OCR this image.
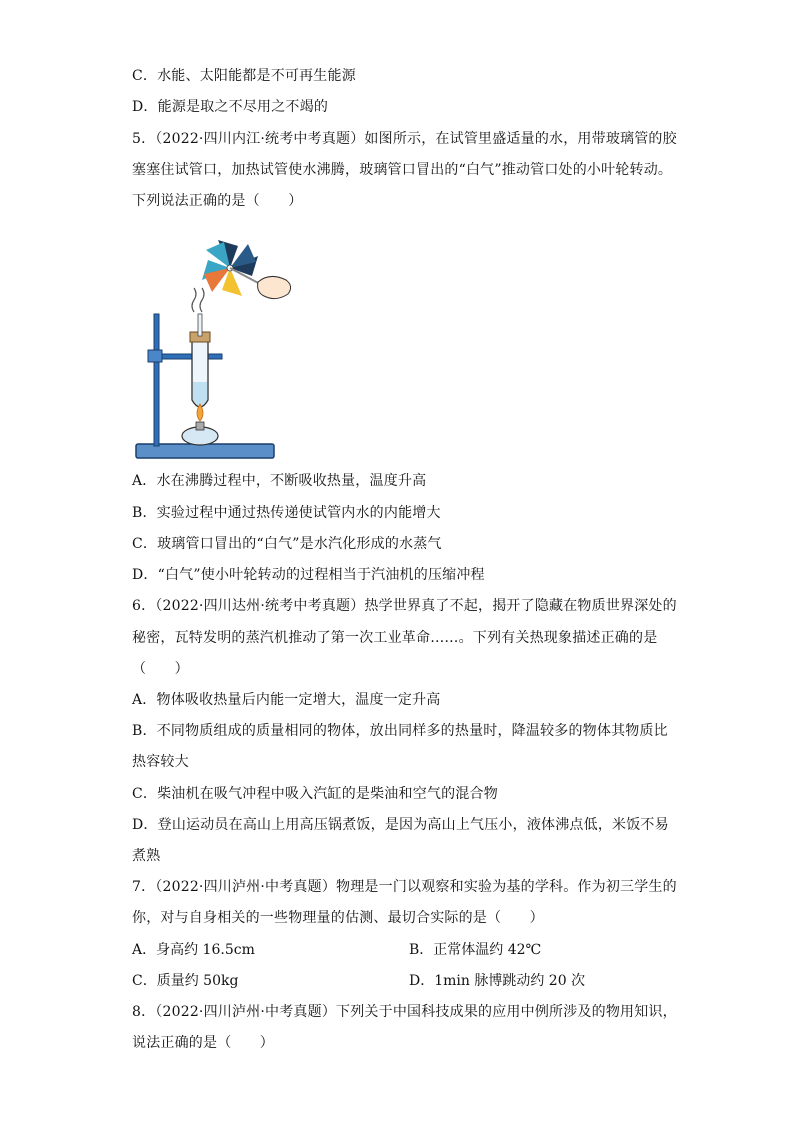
C．水能、太阳能都是不可再生能源
D．能源是取之不尽用之不竭的
5．（2022·四川内江·统考中考真题）如图所示，在试管里盛适量的水，用带玻璃管的胶
塞塞住试管口，加热试管使水沸腾，玻璃管口冒出的“白气”推动管口处的小叶轮转动。
下列说法正确的是（　　）
A．水在沸腾过程中，不断吸收热量，温度升高
B．实验过程中通过热传递使试管内水的内能增大
C．玻璃管口冒出的“白气”是水汽化形成的水蒸气
D．“白气”使小叶轮转动的过程相当于汽油机的压缩冲程
6．（2022·四川达州·统考中考真题）热学世界真了不起，揭开了隐藏在物质世界深处的
秘密，瓦特发明的蒸汽机推动了第一次工业革命……。下列有关热现象描述正确的是
（　　）
A．物体吸收热量后内能一定增大，温度一定升高
B．不同物质组成的质量相同的物体，放出同样多的热量时，降温较多的物体其物质比
热容较大
C．柴油机在吸气冲程中吸入汽缸的是柴油和空气的混合物
D．登山运动员在高山上用高压锅煮饭，是因为高山上气压小，液体沸点低，米饭不易
煮熟
7．（2022·四川泸州·中考真题）物理是一门以观察和实验为基的学科。作为初三学生的
你，对与自身相关的一些物理量的估测、最切合实际的是（　　）
A．身高约 16.5cm	B．正常体温约 42℃
C．质量约 50kg	D．1min 脉博跳动约 20 次
8．（2022·四川泸州·中考真题）下列关于中国科技成果的应用中例所涉及的物用知识，
说法正确的是（　　）
